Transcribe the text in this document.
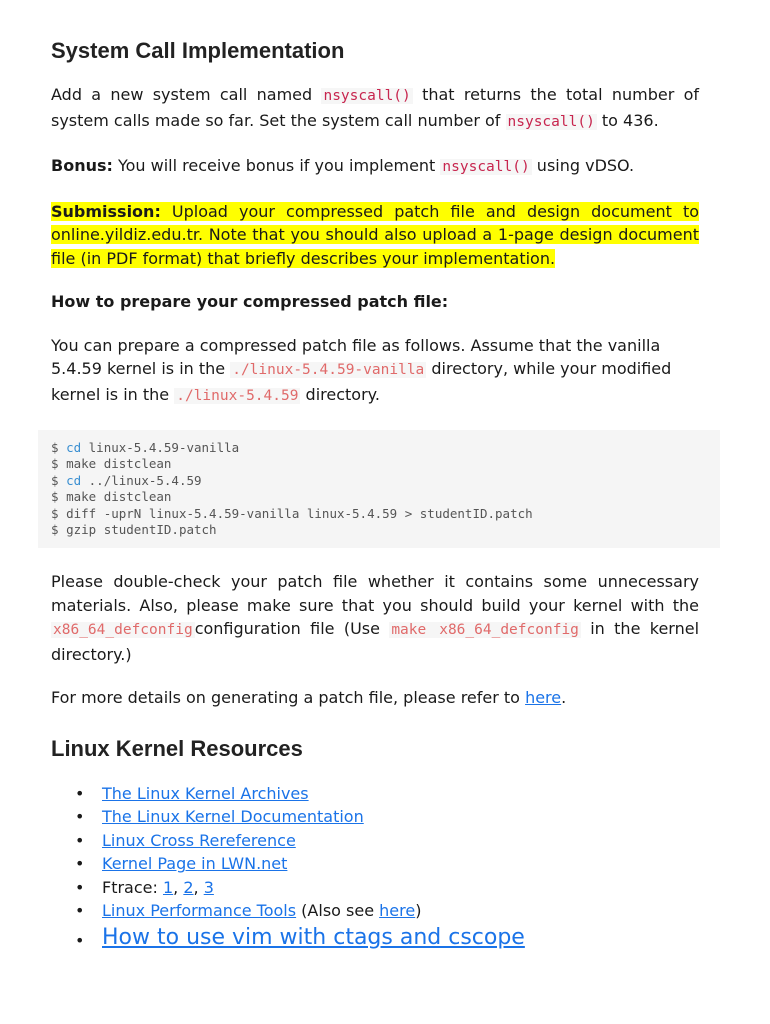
System Call Implementation

Add a new system call named nsyscall() that returns the total number of system calls made so far. Set the system call number of nsyscall() to 436.

Bonus: You will receive bonus if you implement nsyscall() using vDSO.

Submission: Upload your compressed patch file and design document to online.yildiz.edu.tr. Note that you should also upload a 1-page design document file (in PDF format) that briefly describes your implementation.

How to prepare your compressed patch file:

You can prepare a compressed patch file as follows. Assume that the vanilla 5.4.59 kernel is in the ./linux-5.4.59-vanilla directory, while your modified kernel is in the ./linux-5.4.59 directory.

$ cd linux-5.4.59-vanilla
$ make distclean
$ cd ../linux-5.4.59
$ make distclean
$ diff -uprN linux-5.4.59-vanilla linux-5.4.59 > studentID.patch
$ gzip studentID.patch

Please double-check your patch file whether it contains some unnecessary materials. Also, please make sure that you should build your kernel with the x86_64_defconfig configuration file (Use make x86_64_defconfig in the kernel directory.)

For more details on generating a patch file, please refer to here.

Linux Kernel Resources
• The Linux Kernel Archives
• The Linux Kernel Documentation
• Linux Cross Rereference
• Kernel Page in LWN.net
• Ftrace: 1, 2, 3
• Linux Performance Tools (Also see here)
• How to use vim with ctags and cscope
